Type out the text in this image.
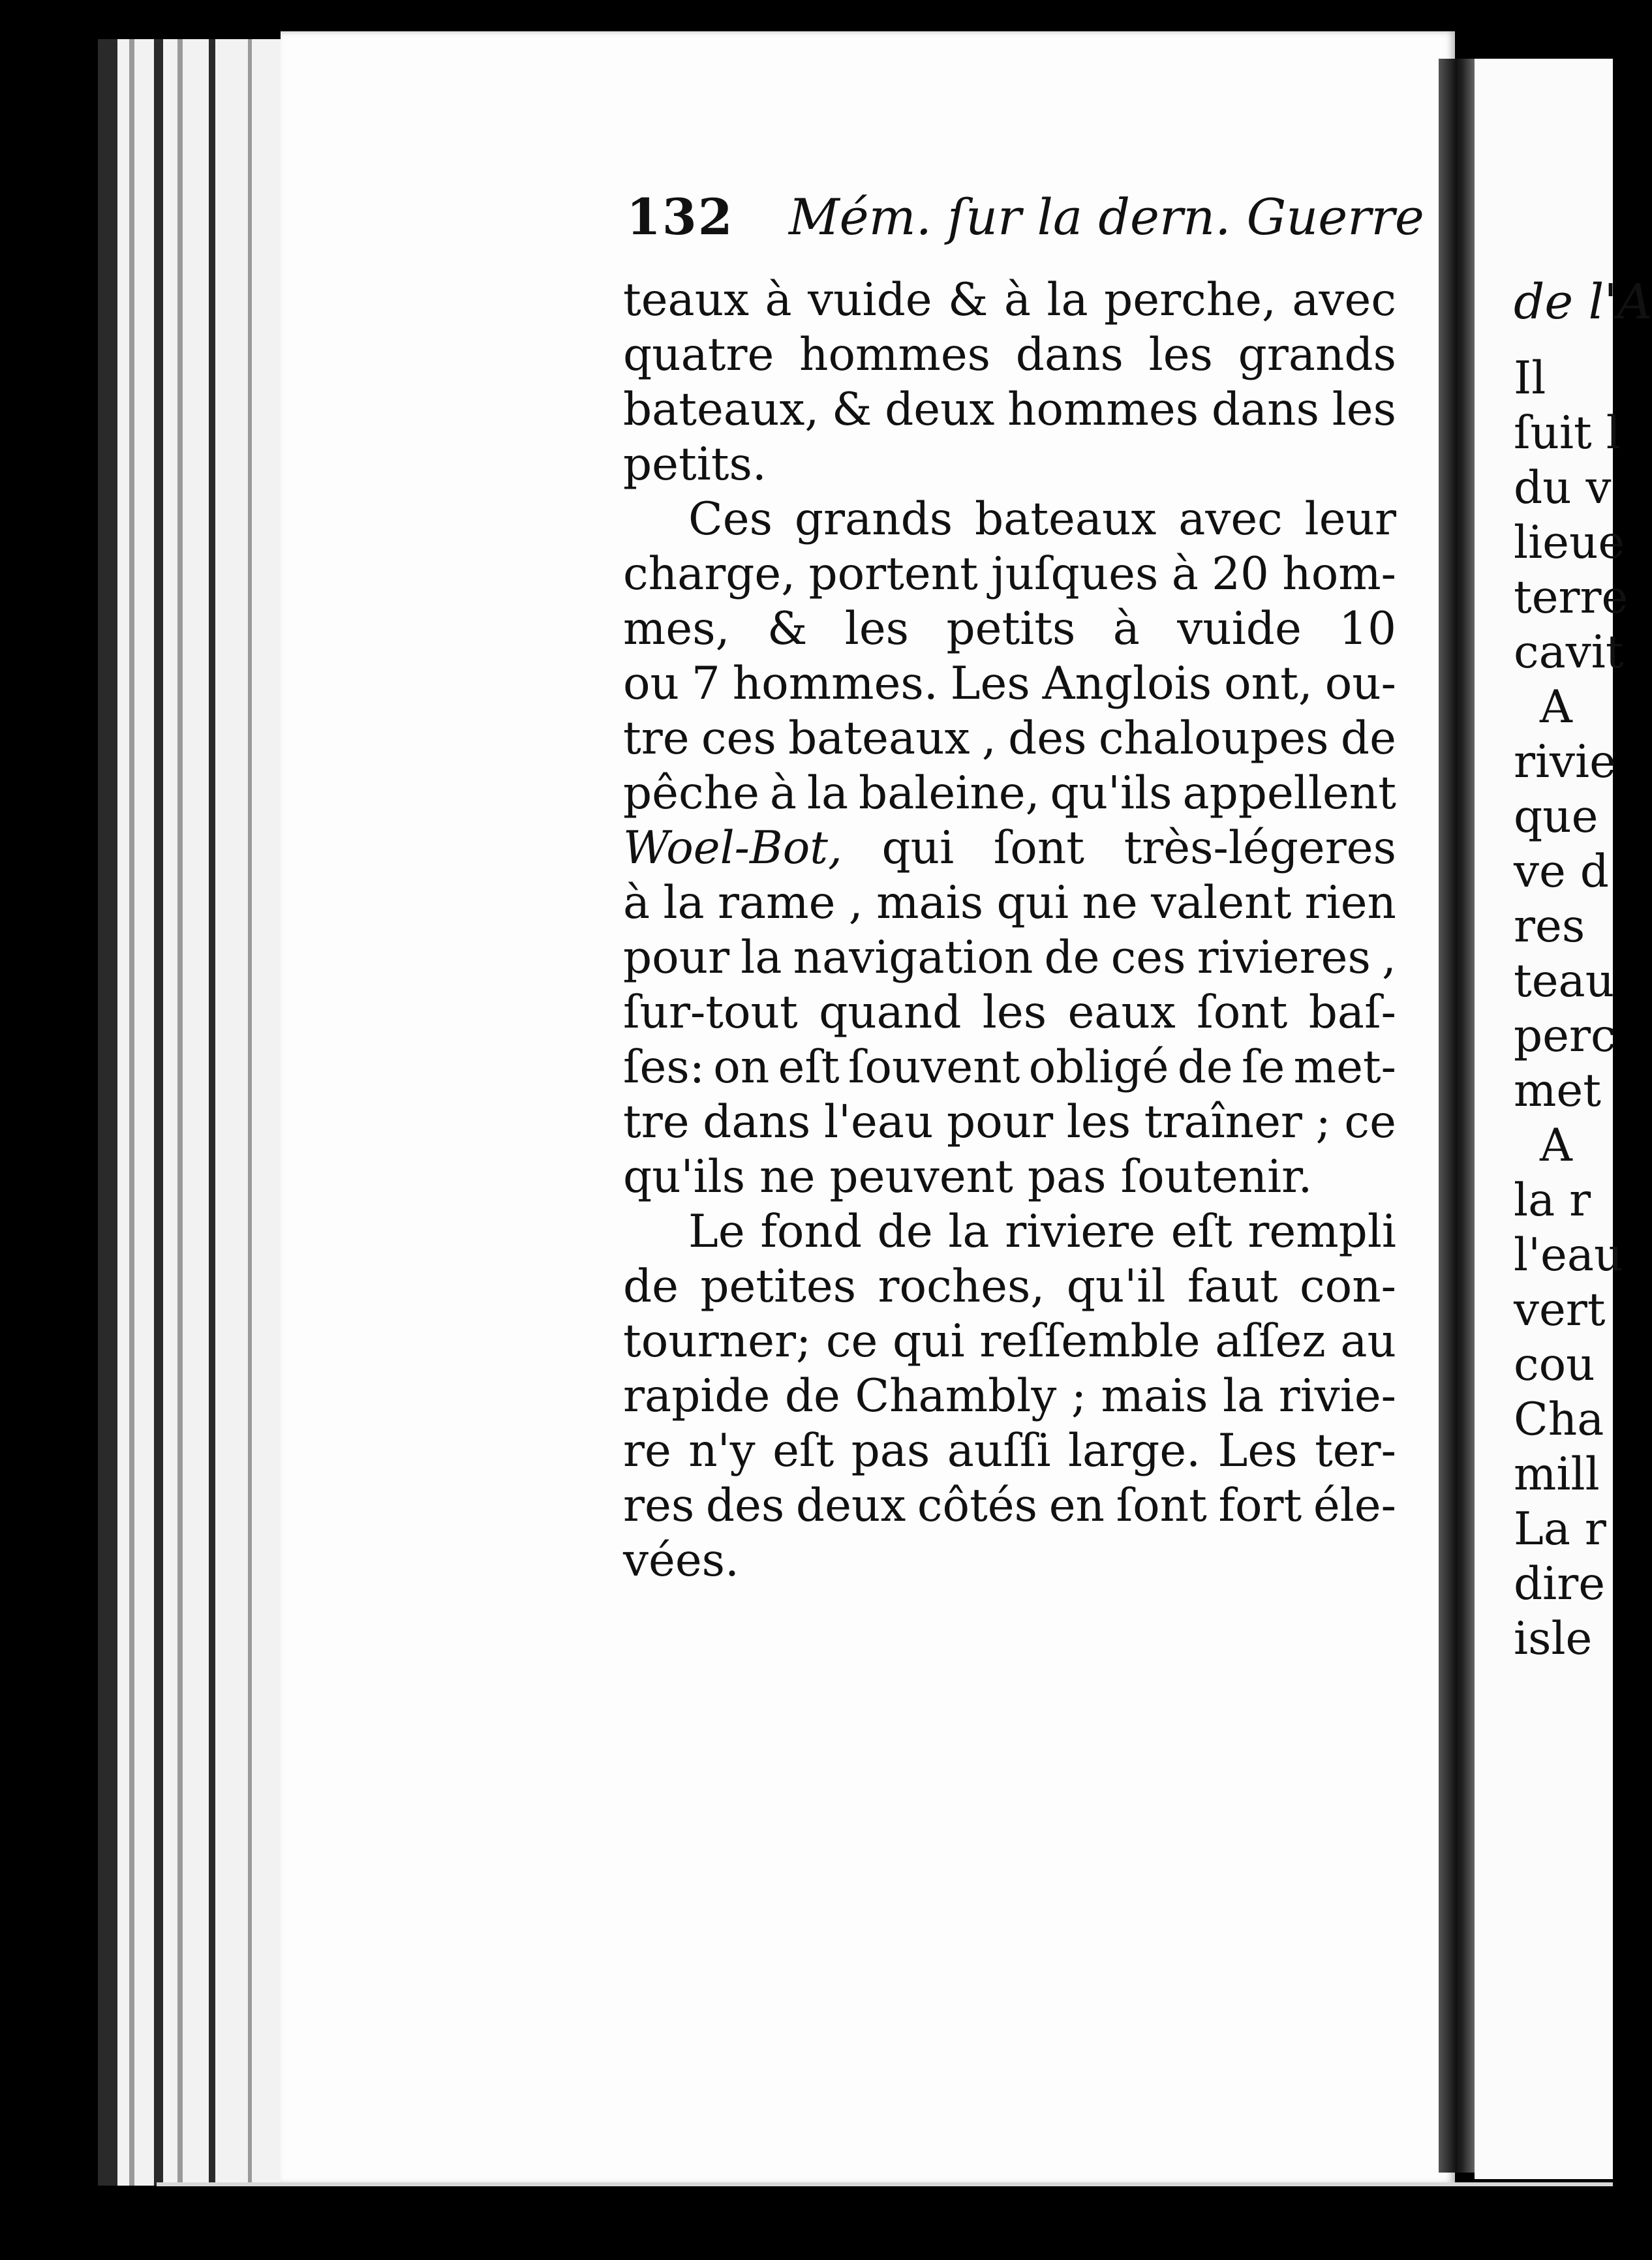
de l'A
Il
ſuit l
du v
lieue
terre
cavit
A
rivie
que
ve d
res
teau
perc
met
A
la r
l'eau
vert
cou
Cha
mill
La r
dire
isle
132 Mém. ſur la dern. Guerre
teaux à vuide & à la perche, avec
quatre hommes dans les grands
bateaux, & deux hommes dans les
petits.
Ces grands bateaux avec leur
charge, portent juſques à 20 hom-
mes, & les petits à vuide 10
ou 7 hommes. Les Anglois ont, ou-
tre ces bateaux , des chaloupes de
pêche à la baleine, qu'ils appellent
Woel-Bot, qui ſont très-légeres
à la rame , mais qui ne valent rien
pour la navigation de ces rivieres ,
ſur-tout quand les eaux ſont baſ-
ſes: on eſt ſouvent obligé de ſe met-
tre dans l'eau pour les traîner ; ce
qu'ils ne peuvent pas ſoutenir.
Le fond de la riviere eſt rempli
de petites roches, qu'il faut con-
tourner; ce qui reſſemble aſſez au
rapide de Chambly ; mais la rivie-
re n'y eſt pas auſſi large. Les ter-
res des deux côtés en ſont fort éle-
vées.
